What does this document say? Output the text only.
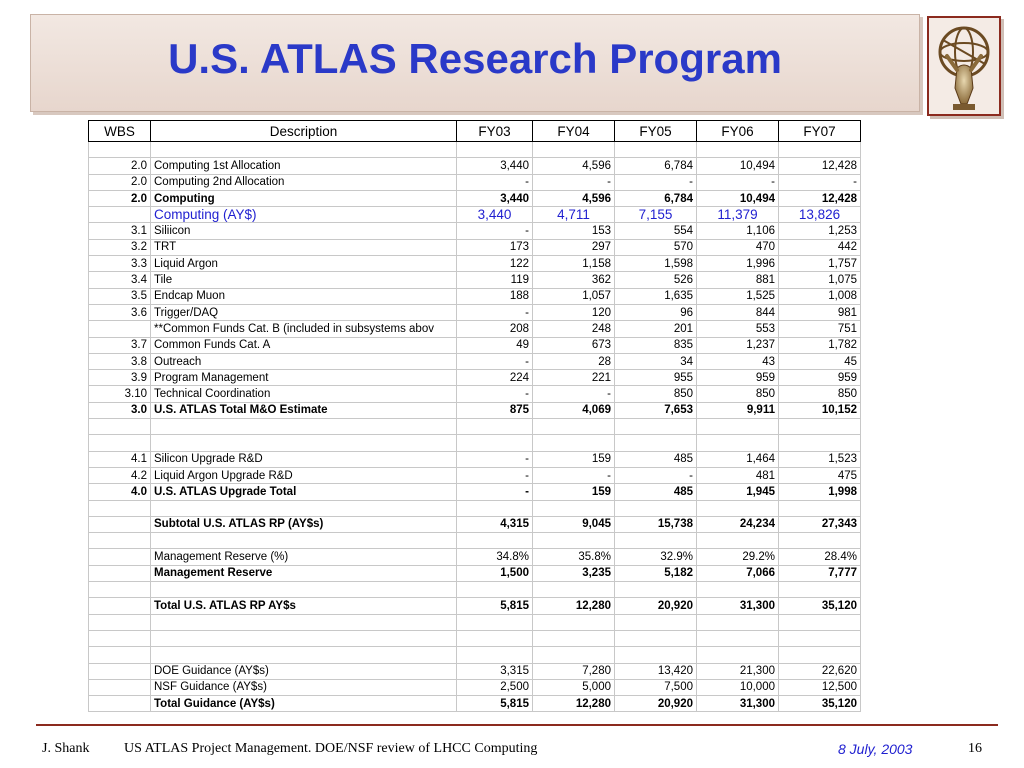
U.S. ATLAS Research Program
WBS	Description	FY03	FY04	FY05	FY06	FY07

2.0	Computing 1st Allocation	3,440	4,596	6,784	10,494	12,428
2.0	Computing 2nd Allocation	-	-	-	-	-
2.0	Computing	3,440	4,596	6,784	10,494	12,428
	Computing (AY$)	3,440	4,711	7,155	11,379	13,826
3.1	Siliicon	-	153	554	1,106	1,253
3.2	TRT	173	297	570	470	442
3.3	Liquid Argon	122	1,158	1,598	1,996	1,757
3.4	Tile	119	362	526	881	1,075
3.5	Endcap Muon	188	1,057	1,635	1,525	1,008
3.6	Trigger/DAQ	-	120	96	844	981
	**Common Funds Cat. B (included in subsystems abov	208	248	201	553	751
3.7	Common Funds Cat. A	49	673	835	1,237	1,782
3.8	Outreach	-	28	34	43	45
3.9	Program Management	224	221	955	959	959
3.10	Technical Coordination	-	-	850	850	850
3.0	U.S. ATLAS Total M&O Estimate	875	4,069	7,653	9,911	10,152

4.1	Silicon Upgrade R&D	-	159	485	1,464	1,523
4.2	Liquid Argon Upgrade R&D	-	-	-	481	475
4.0	U.S. ATLAS Upgrade Total	-	159	485	1,945	1,998

	Subtotal U.S. ATLAS RP (AY$s)	4,315	9,045	15,738	24,234	27,343

	Management Reserve (%)	34.8%	35.8%	32.9%	29.2%	28.4%
	Management Reserve	1,500	3,235	5,182	7,066	7,777

	Total U.S. ATLAS RP AY$s	5,815	12,280	20,920	31,300	35,120

	DOE Guidance (AY$s)	3,315	7,280	13,420	21,300	22,620
	NSF Guidance (AY$s)	2,500	5,000	7,500	10,000	12,500
	Total Guidance (AY$s)	5,815	12,280	20,920	31,300	35,120
J. Shank US ATLAS Project Management. DOE/NSF review of LHCC Computing	8 July, 2003	16
